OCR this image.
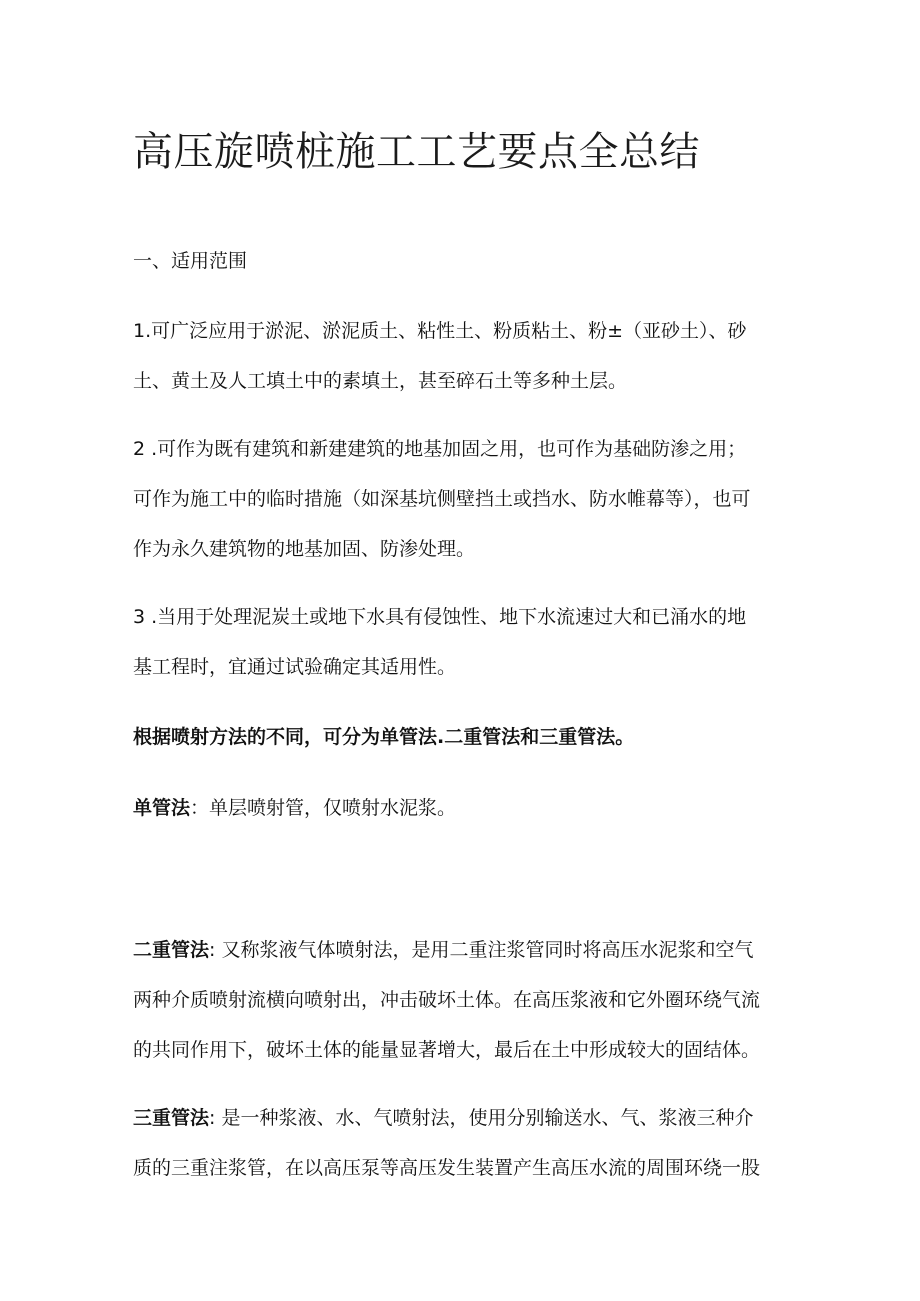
高压旋喷桩施工工艺要点全总结

一、适用范围

1.可广泛应用于淤泥、淤泥质土、粘性土、粉质粘土、粉±（亚砂土）、砂
土、黄土及人工填土中的素填土，甚至碎石土等多种土层。

2 .可作为既有建筑和新建建筑的地基加固之用，也可作为基础防渗之用；
可作为施工中的临时措施（如深基坑侧壁挡土或挡水、防水帷幕等），也可
作为永久建筑物的地基加固、防渗处理。

3 .当用于处理泥炭土或地下水具有侵蚀性、地下水流速过大和已涌水的地
基工程时，宜通过试验确定其适用性。

根据喷射方法的不同，可分为单管法.二重管法和三重管法。

单管法：单层喷射管，仅喷射水泥浆。

二重管法: 又称浆液气体喷射法，是用二重注浆管同时将高压水泥浆和空气
两种介质喷射流横向喷射出，冲击破坏土体。在高压浆液和它外圈环绕气流
的共同作用下，破坏土体的能量显著增大，最后在土中形成较大的固结体。

三重管法: 是一种浆液、水、气喷射法，使用分别输送水、气、浆液三种介
质的三重注浆管，在以高压泵等高压发生装置产生高压水流的周围环绕一股
